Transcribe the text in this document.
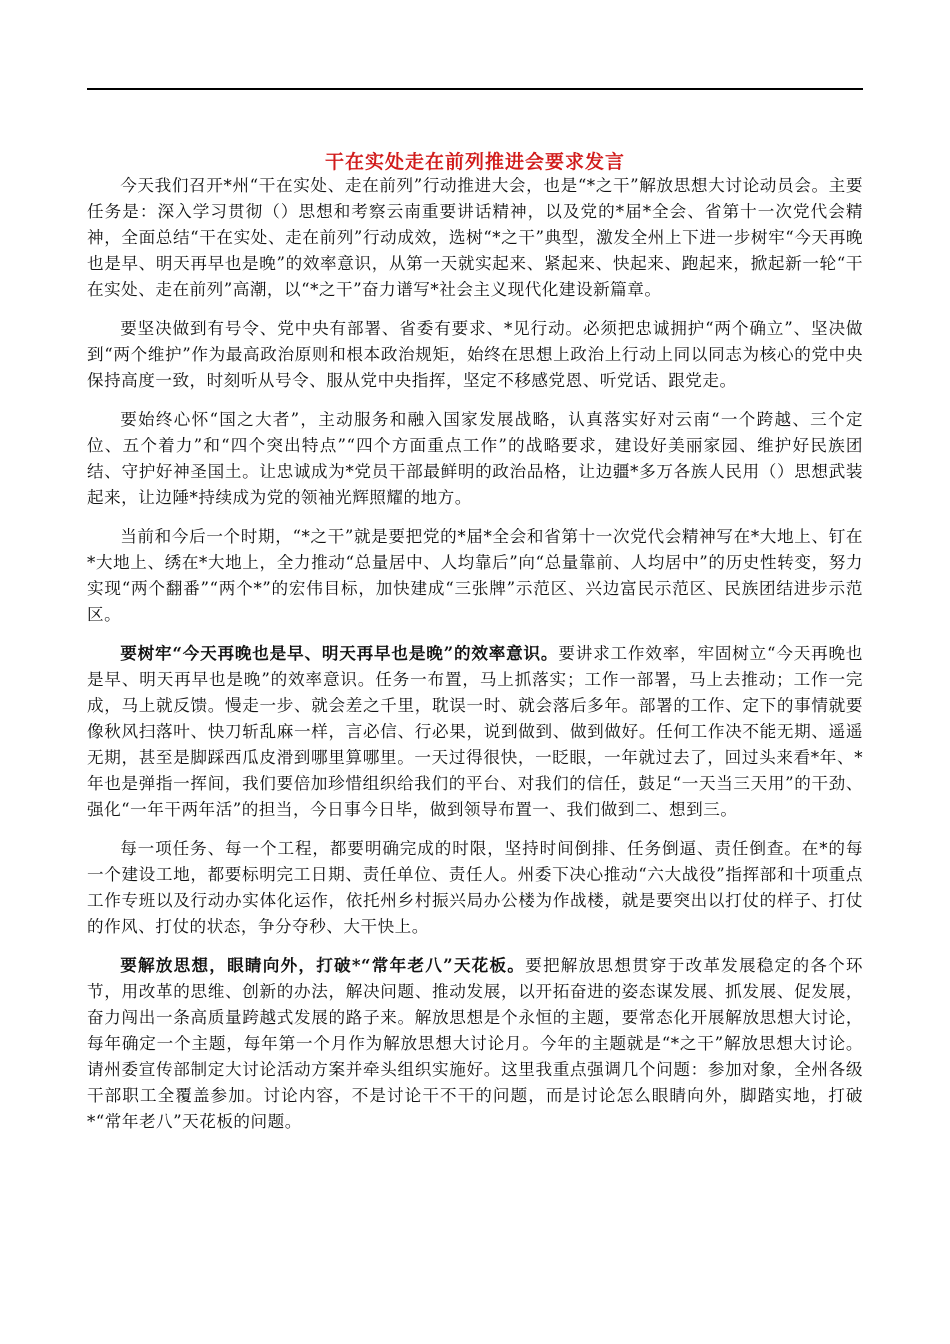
干在实处走在前列推进会要求发言

今天我们召开*州“干在实处、走在前列”行动推进大会，也是“*之干”解放思想大讨论动员会。主要任务是：深入学习贯彻（）思想和考察云南重要讲话精神，以及党的*届*全会、省第十一次党代会精神，全面总结“干在实处、走在前列”行动成效，选树“*之干”典型，激发全州上下进一步树牢“今天再晚也是早、明天再早也是晚”的效率意识，从第一天就实起来、紧起来、快起来、跑起来，掀起新一轮“干在实处、走在前列”高潮，以“*之干”奋力谱写*社会主义现代化建设新篇章。

要坚决做到有号令、党中央有部署、省委有要求、*见行动。必须把忠诚拥护“两个确立”、坚决做到“两个维护”作为最高政治原则和根本政治规矩，始终在思想上政治上行动上同以同志为核心的党中央保持高度一致，时刻听从号令、服从党中央指挥，坚定不移感党恩、听党话、跟党走。

要始终心怀“国之大者”，主动服务和融入国家发展战略，认真落实好对云南“一个跨越、三个定位、五个着力”和“四个突出特点”“四个方面重点工作”的战略要求，建设好美丽家园、维护好民族团结、守护好神圣国土。让忠诚成为*党员干部最鲜明的政治品格，让边疆*多万各族人民用（）思想武装起来，让边陲*持续成为党的领袖光辉照耀的地方。

当前和今后一个时期，“*之干”就是要把党的*届*全会和省第十一次党代会精神写在*大地上、钉在*大地上、绣在*大地上，全力推动“总量居中、人均靠后”向“总量靠前、人均居中”的历史性转变，努力实现“两个翻番”“两个*”的宏伟目标，加快建成“三张牌”示范区、兴边富民示范区、民族团结进步示范区。

要树牢“今天再晚也是早、明天再早也是晚”的效率意识。要讲求工作效率，牢固树立“今天再晚也是早、明天再早也是晚”的效率意识。任务一布置，马上抓落实；工作一部署，马上去推动；工作一完成，马上就反馈。慢走一步、就会差之千里，耽误一时、就会落后多年。部署的工作、定下的事情就要像秋风扫落叶、快刀斩乱麻一样，言必信、行必果，说到做到、做到做好。任何工作决不能无期、遥遥无期，甚至是脚踩西瓜皮滑到哪里算哪里。一天过得很快，一眨眼，一年就过去了，回过头来看*年、*年也是弹指一挥间，我们要倍加珍惜组织给我们的平台、对我们的信任，鼓足“一天当三天用”的干劲、强化“一年干两年活”的担当，今日事今日毕，做到领导布置一、我们做到二、想到三。

每一项任务、每一个工程，都要明确完成的时限，坚持时间倒排、任务倒逼、责任倒查。在*的每一个建设工地，都要标明完工日期、责任单位、责任人。州委下决心推动“六大战役”指挥部和十项重点工作专班以及行动办实体化运作，依托州乡村振兴局办公楼为作战楼，就是要突出以打仗的样子、打仗的作风、打仗的状态，争分夺秒、大干快上。

要解放思想，眼睛向外，打破*“常年老八”天花板。要把解放思想贯穿于改革发展稳定的各个环节，用改革的思维、创新的办法，解决问题、推动发展，以开拓奋进的姿态谋发展、抓发展、促发展，奋力闯出一条高质量跨越式发展的路子来。解放思想是个永恒的主题，要常态化开展解放思想大讨论，每年确定一个主题，每年第一个月作为解放思想大讨论月。今年的主题就是“*之干”解放思想大讨论。请州委宣传部制定大讨论活动方案并牵头组织实施好。这里我重点强调几个问题：参加对象，全州各级干部职工全覆盖参加。讨论内容，不是讨论干不干的问题，而是讨论怎么眼睛向外，脚踏实地，打破*“常年老八”天花板的问题。
